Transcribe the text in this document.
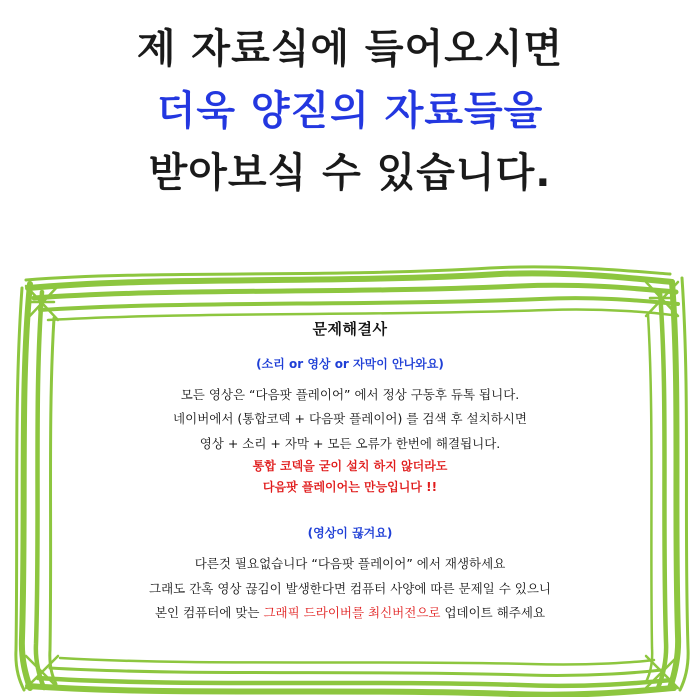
제 자료싴에 듴어오시면
더욱 양짇의 자료듴을
받아보싴 수 있습니다.
문제해결사
(소리 or 영상 or 자막이 안나와요)
모든 영상은 “다음팟 플레이어” 에서 정상 구동후 듀톡 됩니다.
네이버에서 (통합코덱 + 다음팟 플레이어) 를 검색 후 설치하시면
영상 + 소리 + 자막 + 모든 오류가 한번에 해결됩니다.
통합 코덱을 굳이 설치 하지 않더라도
다음팟 플레이어는 만능입니다 !!
(영상이 끊겨요)
다른것 필요없습니다 “다음팟 플레이어” 에서 재생하세요
그래도 간혹 영상 끊김이 발생한다면 컴퓨터 사양에 따른 문제일 수 있으니
본인 컴퓨터에 맞는 그래픽 드라이버를 최신버전으로 업데이트 해주세요
